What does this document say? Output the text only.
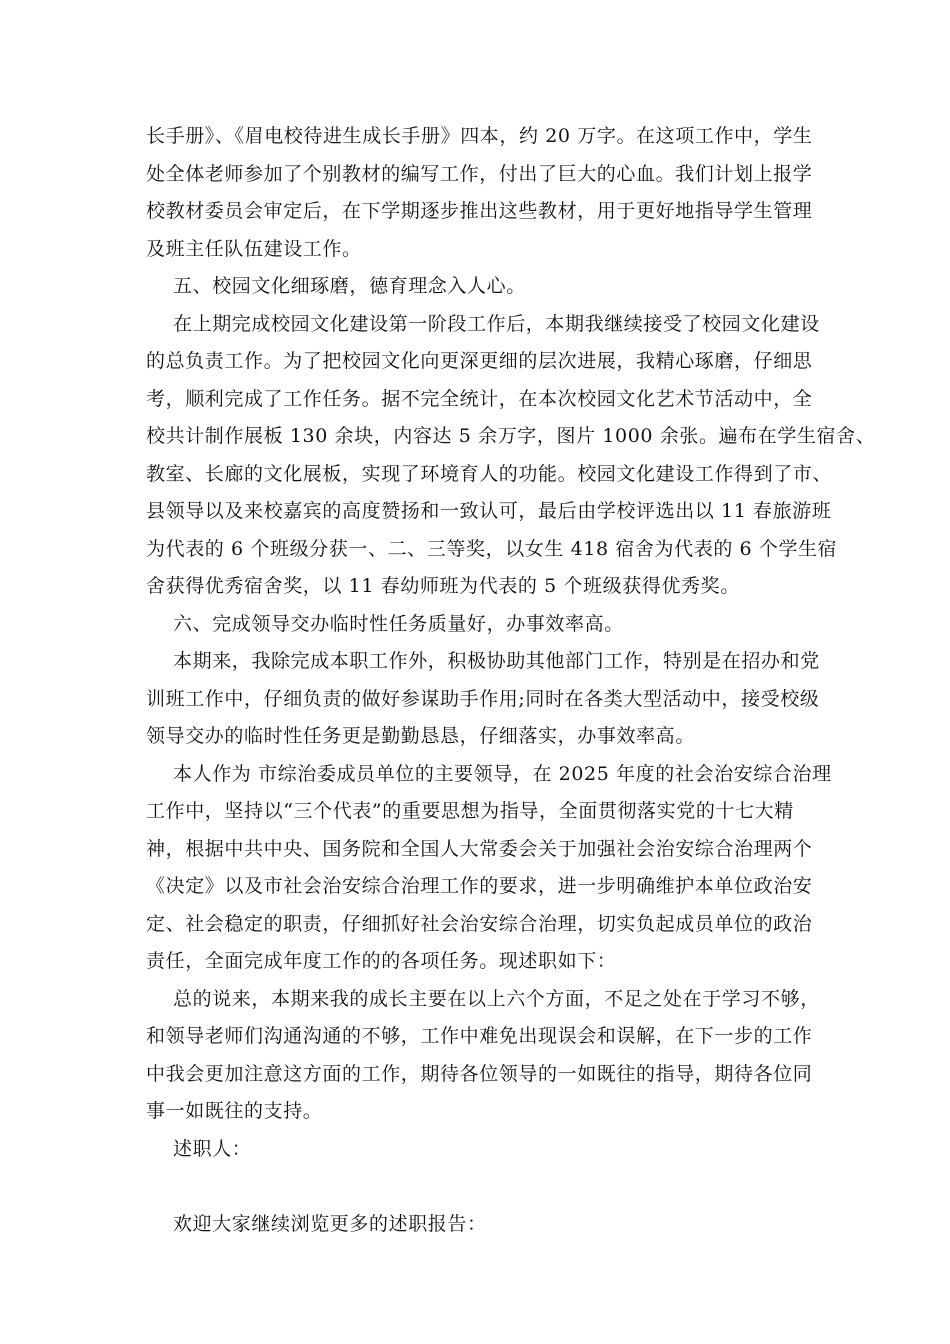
长手册》、《眉电校待进生成长手册》四本，约 20 万字。在这项工作中，学生
处全体老师参加了个别教材的编写工作，付出了巨大的心血。我们计划上报学
校教材委员会审定后，在下学期逐步推出这些教材，用于更好地指导学生管理
及班主任队伍建设工作。
五、校园文化细琢磨，德育理念入人心。
在上期完成校园文化建设第一阶段工作后，本期我继续接受了校园文化建设
的总负责工作。为了把校园文化向更深更细的层次进展，我精心琢磨，仔细思
考，顺利完成了工作任务。据不完全统计，在本次校园文化艺术节活动中，全
校共计制作展板 130 余块，内容达 5 余万字，图片 1000 余张。遍布在学生宿舍、
教室、长廊的文化展板，实现了环境育人的功能。校园文化建设工作得到了市、
县领导以及来校嘉宾的高度赞扬和一致认可，最后由学校评选出以 11 春旅游班
为代表的 6 个班级分获一、二、三等奖，以女生 418 宿舍为代表的 6 个学生宿
舍获得优秀宿舍奖，以 11 春幼师班为代表的 5 个班级获得优秀奖。
六、完成领导交办临时性任务质量好，办事效率高。
本期来，我除完成本职工作外，积极协助其他部门工作，特别是在招办和党
训班工作中，仔细负责的做好参谋助手作用;同时在各类大型活动中，接受校级
领导交办的临时性任务更是勤勤恳恳，仔细落实，办事效率高。
本人作为 市综治委成员单位的主要领导，在 2025 年度的社会治安综合治理
工作中，坚持以“三个代表”的重要思想为指导，全面贯彻落实党的十七大精
神，根据中共中央、国务院和全国人大常委会关于加强社会治安综合治理两个
《决定》以及市社会治安综合治理工作的要求，进一步明确维护本单位政治安
定、社会稳定的职责，仔细抓好社会治安综合治理，切实负起成员单位的政治
责任，全面完成年度工作的的各项任务。现述职如下：
总的说来，本期来我的成长主要在以上六个方面，不足之处在于学习不够，
和领导老师们沟通沟通的不够，工作中难免出现误会和误解，在下一步的工作
中我会更加注意这方面的工作，期待各位领导的一如既往的指导，期待各位同
事一如既往的支持。
述职人：
欢迎大家继续浏览更多的述职报告：
